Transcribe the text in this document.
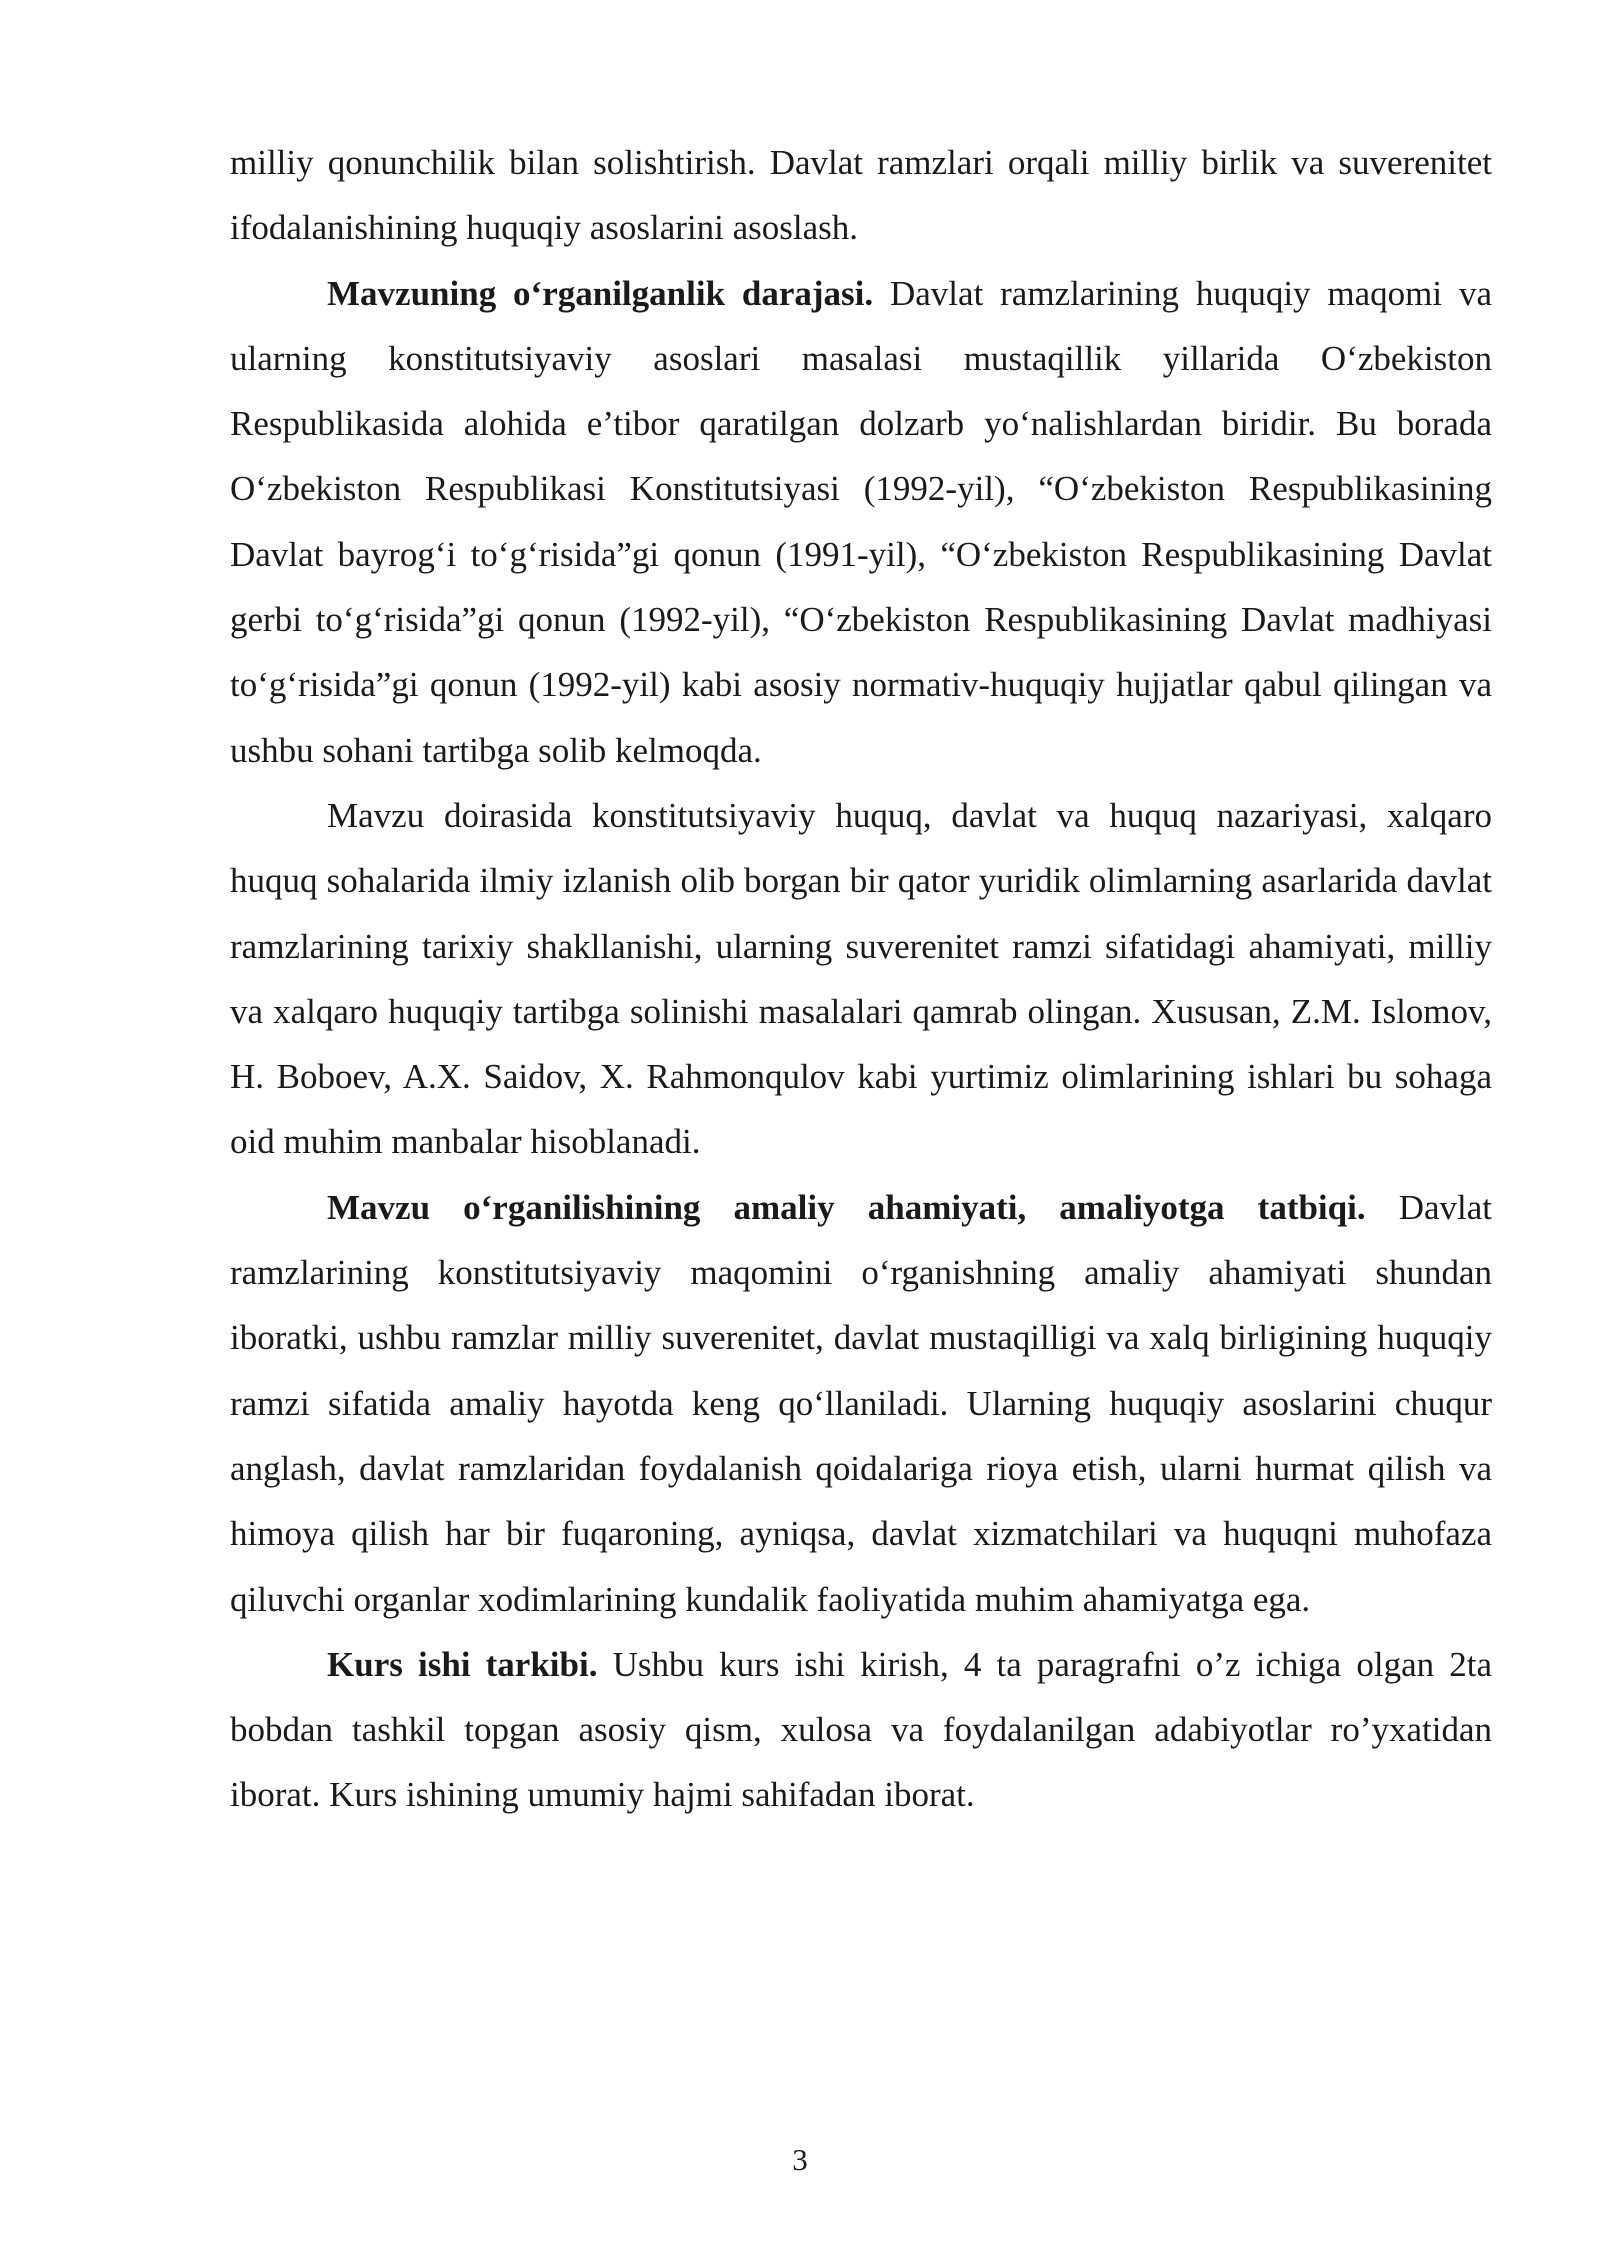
milliy qonunchilik bilan solishtirish. Davlat ramzlari orqali milliy birlik va suverenitet ifodalanishining huquqiy asoslarini asoslash.

Mavzuning o‘rganilganlik darajasi. Davlat ramzlarining huquqiy maqomi va ularning konstitutsiyaviy asoslari masalasi mustaqillik yillarida O‘zbekiston Respublikasida alohida e’tibor qaratilgan dolzarb yo‘nalishlardan biridir. Bu borada O‘zbekiston Respublikasi Konstitutsiyasi (1992-yil), “O‘zbekiston Respublikasining Davlat bayrog‘i to‘g‘risida”gi qonun (1991-yil), “O‘zbekiston Respublikasining Davlat gerbi to‘g‘risida”gi qonun (1992-yil), “O‘zbekiston Respublikasining Davlat madhiyasi to‘g‘risida”gi qonun (1992-yil) kabi asosiy normativ-huquqiy hujjatlar qabul qilingan va ushbu sohani tartibga solib kelmoqda.

Mavzu doirasida konstitutsiyaviy huquq, davlat va huquq nazariyasi, xalqaro huquq sohalarida ilmiy izlanish olib borgan bir qator yuridik olimlarning asarlarida davlat ramzlarining tarixiy shakllanishi, ularning suverenitet ramzi sifatidagi ahamiyati, milliy va xalqaro huquqiy tartibga solinishi masalalari qamrab olingan. Xususan, Z.M. Islomov, H. Boboev, A.X. Saidov, X. Rahmonqulov kabi yurtimiz olimlarining ishlari bu sohaga oid muhim manbalar hisoblanadi.

Mavzu o‘rganilishining amaliy ahamiyati, amaliyotga tatbiqi. Davlat ramzlarining konstitutsiyaviy maqomini o‘rganishning amaliy ahamiyati shundan iboratki, ushbu ramzlar milliy suverenitet, davlat mustaqilligi va xalq birligining huquqiy ramzi sifatida amaliy hayotda keng qo‘llaniladi. Ularning huquqiy asoslarini chuqur anglash, davlat ramzlaridan foydalanish qoidalariga rioya etish, ularni hurmat qilish va himoya qilish har bir fuqaroning, ayniqsa, davlat xizmatchilari va huquqni muhofaza qiluvchi organlar xodimlarining kundalik faoliyatida muhim ahamiyatga ega.

Kurs ishi tarkibi. Ushbu kurs ishi kirish, 4 ta paragrafni o’z ichiga olgan 2ta bobdan tashkil topgan asosiy qism, xulosa va foydalanilgan adabiyotlar ro’yxatidan iborat. Kurs ishining umumiy hajmi sahifadan iborat.

3
